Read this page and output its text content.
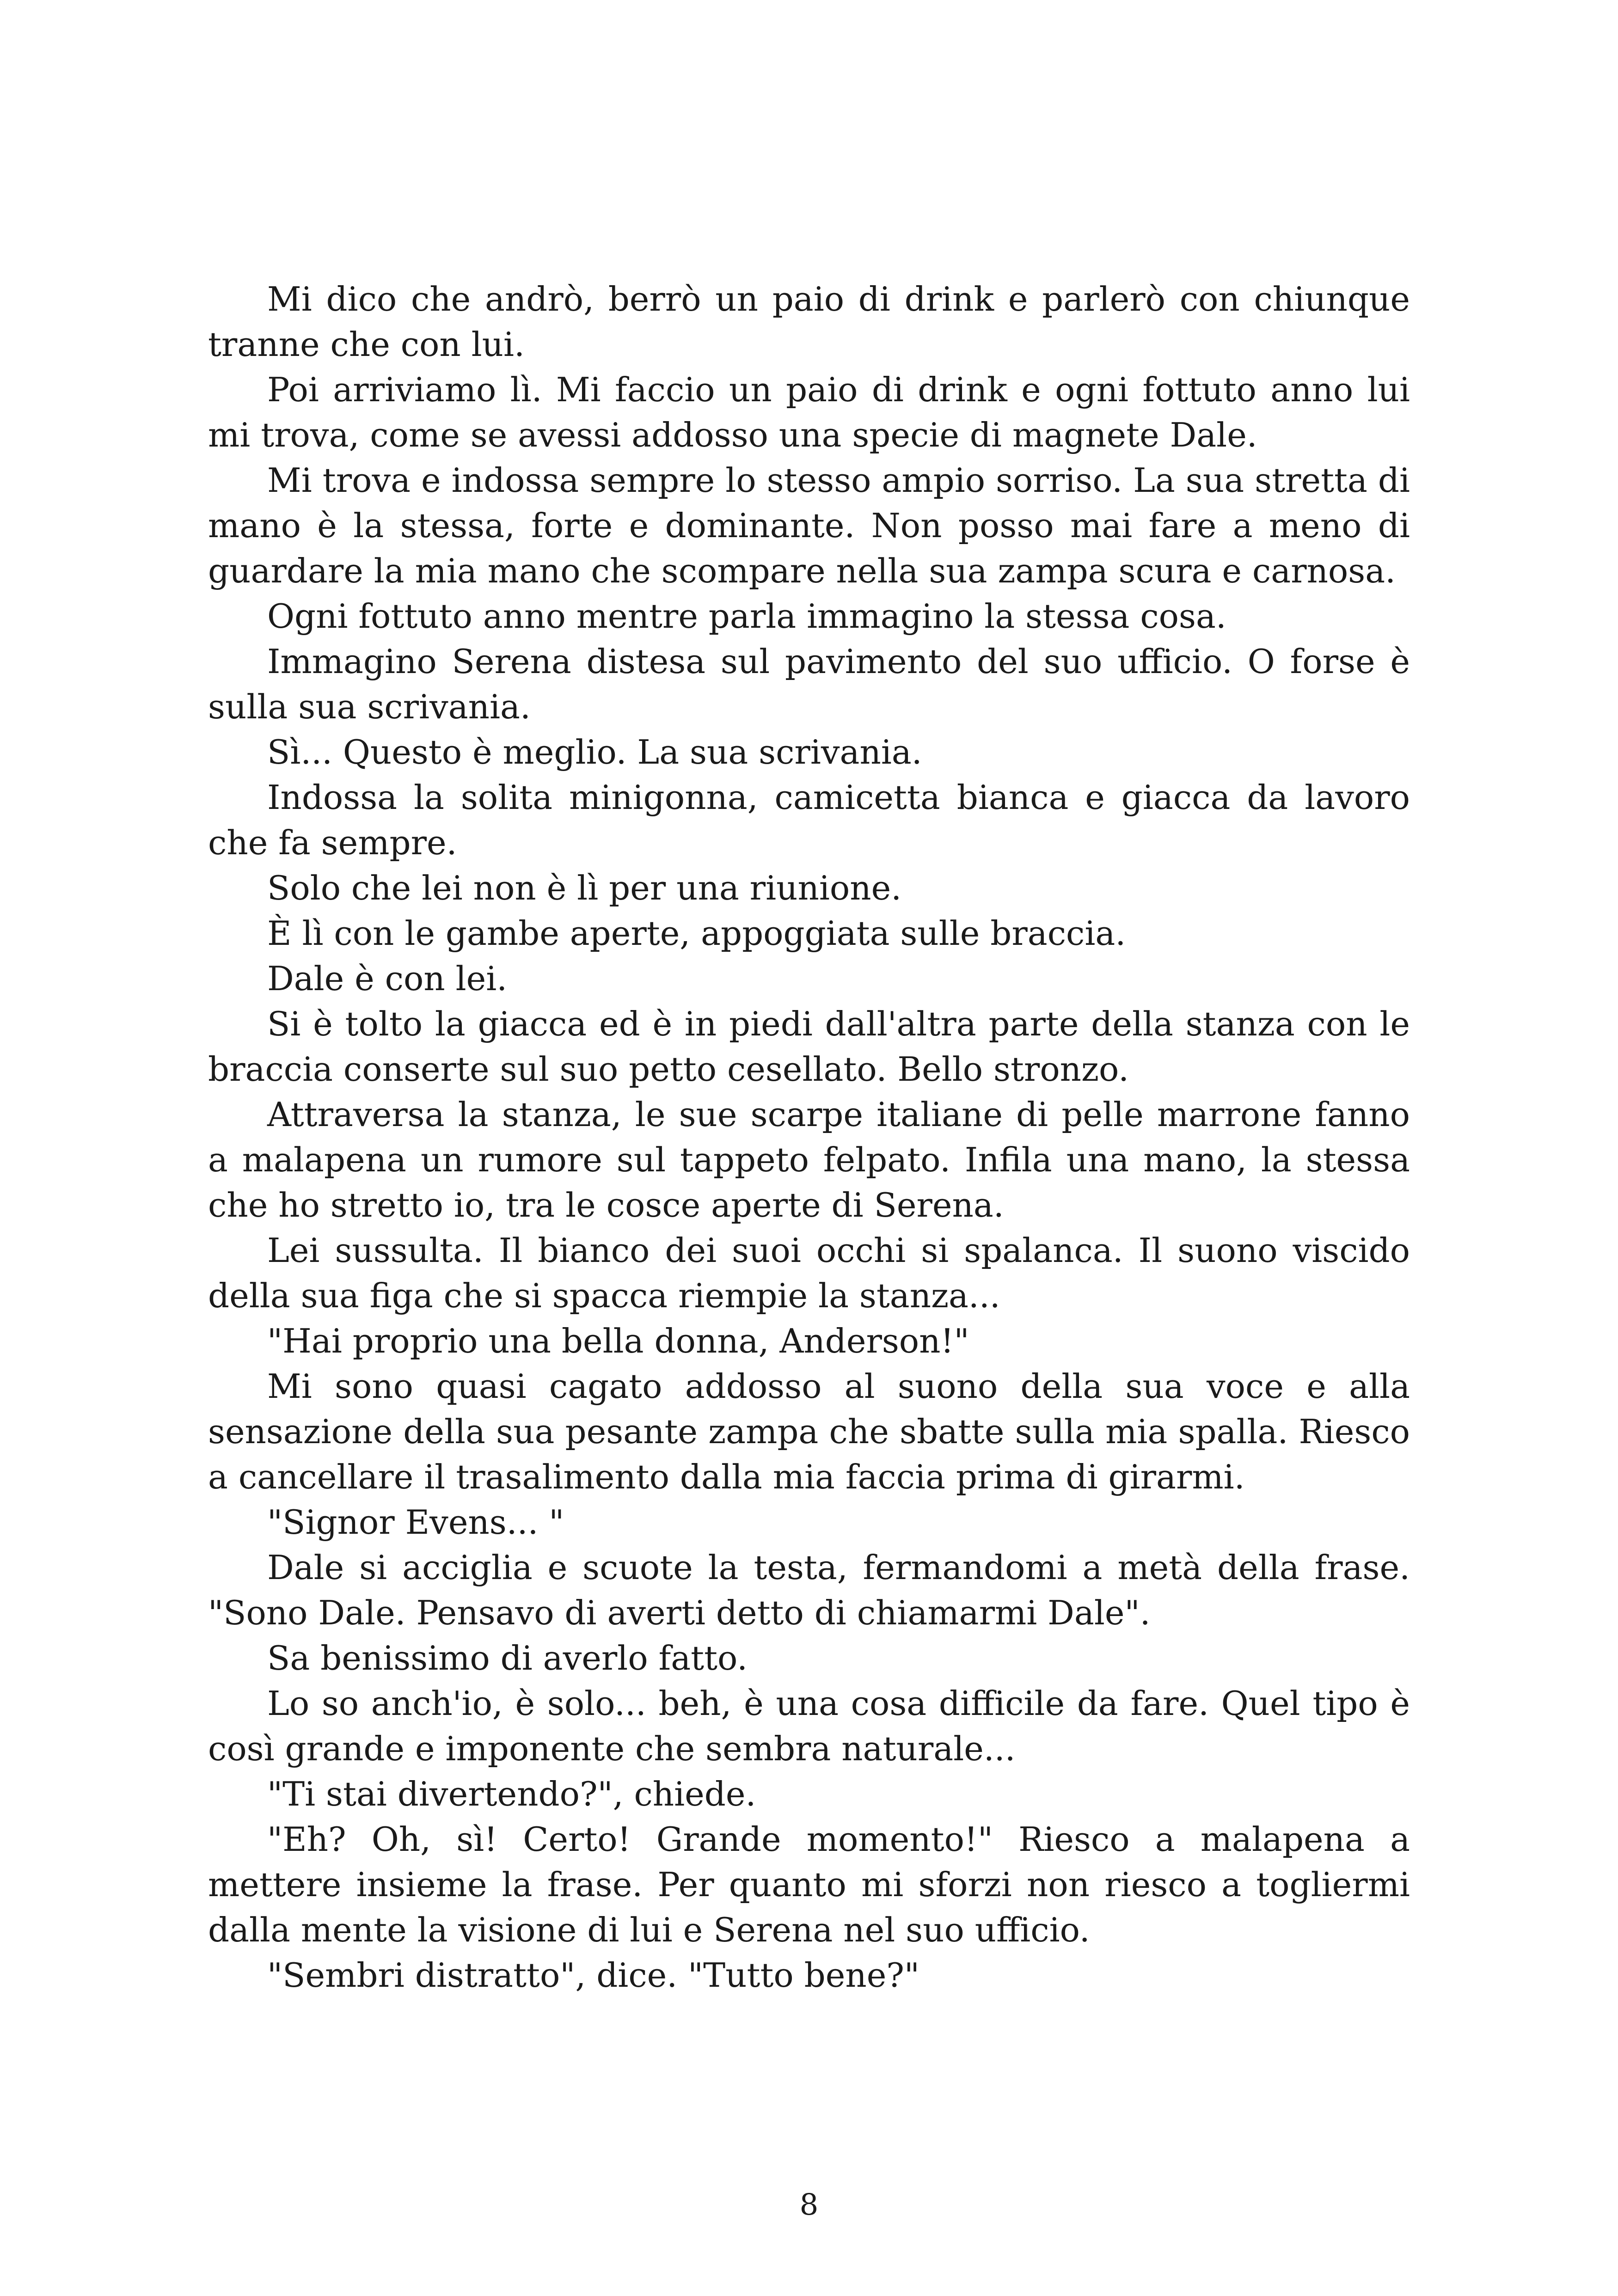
Mi dico che andrò, berrò un paio di drink e parlerò con chiunque tranne che con lui.

Poi arriviamo lì. Mi faccio un paio di drink e ogni fottuto anno lui mi trova, come se avessi addosso una specie di magnete Dale.

Mi trova e indossa sempre lo stesso ampio sorriso. La sua stretta di mano è la stessa, forte e dominante. Non posso mai fare a meno di guardare la mia mano che scompare nella sua zampa scura e carnosa.

Ogni fottuto anno mentre parla immagino la stessa cosa.

Immagino Serena distesa sul pavimento del suo ufficio. O forse è sulla sua scrivania.

Sì... Questo è meglio. La sua scrivania.

Indossa la solita minigonna, camicetta bianca e giacca da lavoro che fa sempre.

Solo che lei non è lì per una riunione.

È lì con le gambe aperte, appoggiata sulle braccia.

Dale è con lei.

Si è tolto la giacca ed è in piedi dall'altra parte della stanza con le braccia conserte sul suo petto cesellato. Bello stronzo.

Attraversa la stanza, le sue scarpe italiane di pelle marrone fanno a malapena un rumore sul tappeto felpato. Infila una mano, la stessa che ho stretto io, tra le cosce aperte di Serena.

Lei sussulta. Il bianco dei suoi occhi si spalanca. Il suono viscido della sua figa che si spacca riempie la stanza...

"Hai proprio una bella donna, Anderson!"

Mi sono quasi cagato addosso al suono della sua voce e alla sensazione della sua pesante zampa che sbatte sulla mia spalla. Riesco a cancellare il trasalimento dalla mia faccia prima di girarmi.

"Signor Evens... "

Dale si acciglia e scuote la testa, fermandomi a metà della frase. "Sono Dale. Pensavo di averti detto di chiamarmi Dale".

Sa benissimo di averlo fatto.

Lo so anch'io, è solo... beh, è una cosa difficile da fare. Quel tipo è così grande e imponente che sembra naturale...

"Ti stai divertendo?", chiede.

"Eh? Oh, sì! Certo! Grande momento!" Riesco a malapena a mettere insieme la frase. Per quanto mi sforzi non riesco a togliermi dalla mente la visione di lui e Serena nel suo ufficio.

"Sembri distratto", dice. "Tutto bene?"

8
